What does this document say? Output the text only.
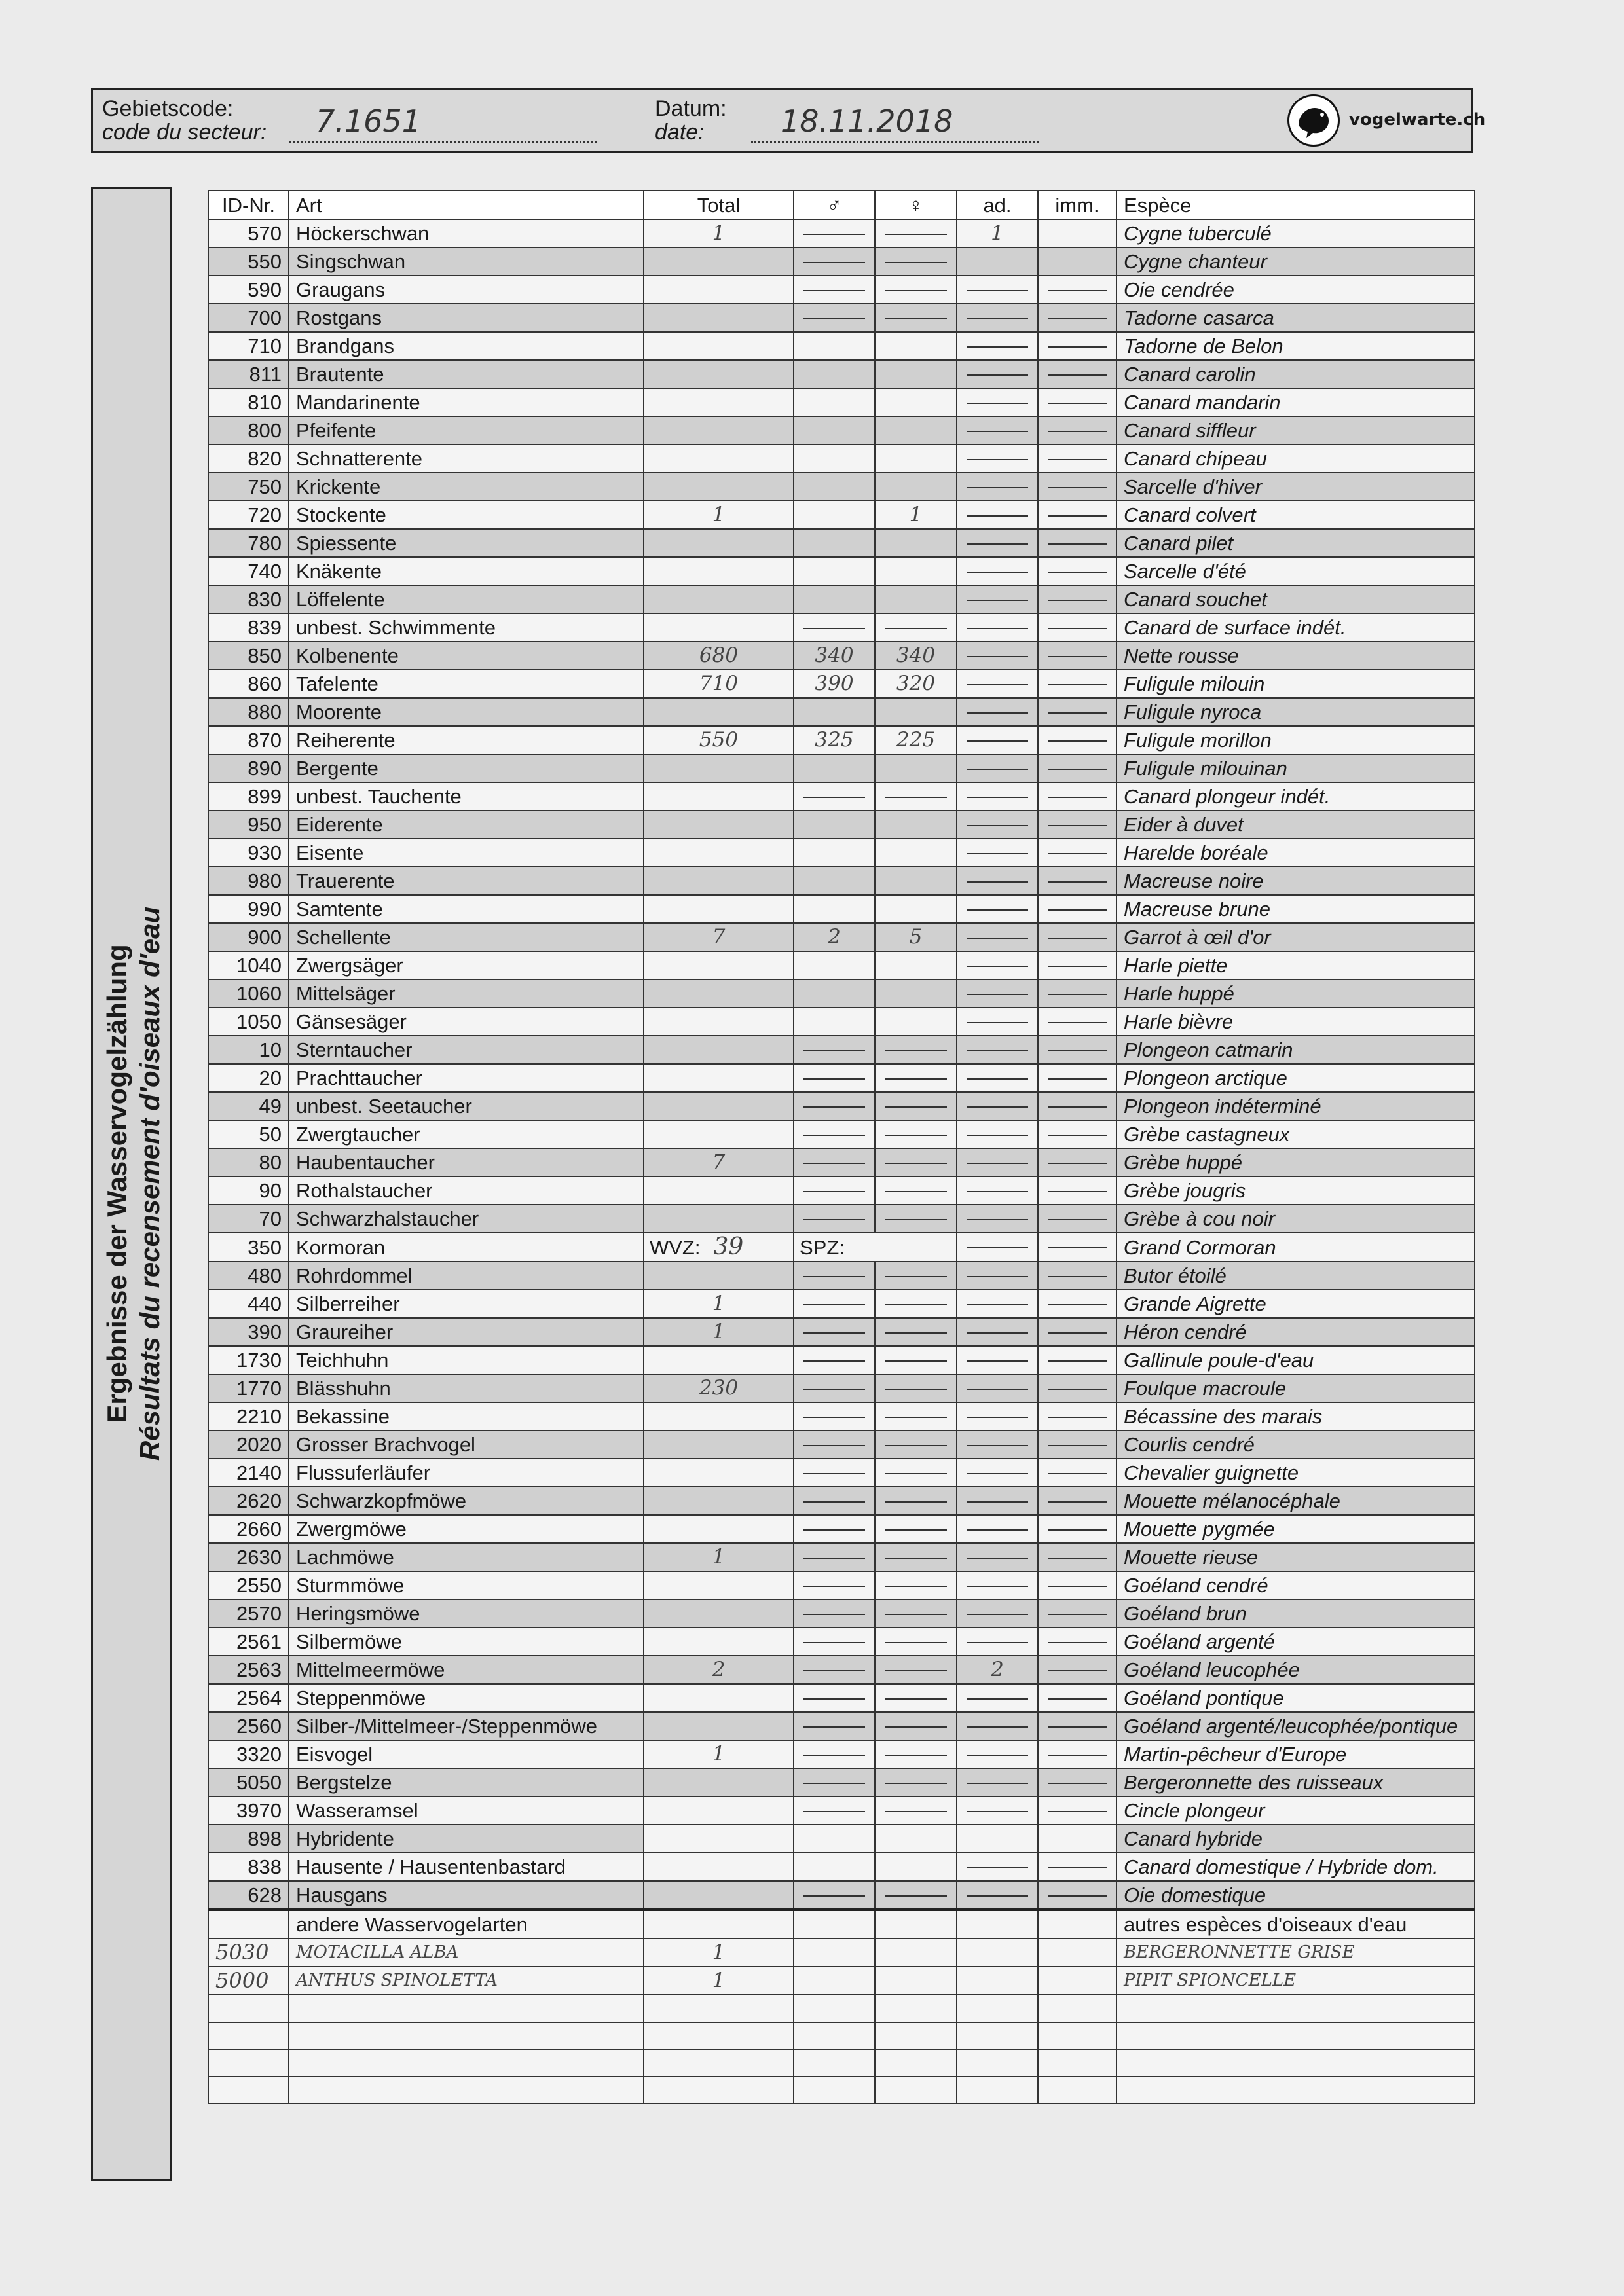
Gebietscode:
code du secteur: 7.1651	Datum:
date:	18.11.2018	vogelwarte.ch
Ergebnisse der Wasservogelzählung Résultats du recensement d'oiseaux d'eau
ID-Nr.	Art	Total	♂	♀	ad.	imm.	Espèce
570	Höckerschwan	1			1		Cygne tuberculé
550	Singschwan						Cygne chanteur
590	Graugans						Oie cendrée
700	Rostgans						Tadorne casarca
710	Brandgans						Tadorne de Belon
811	Brautente						Canard carolin
810	Mandarinente						Canard mandarin
800	Pfeifente						Canard siffleur
820	Schnatterente						Canard chipeau
750	Krickente						Sarcelle d'hiver
720	Stockente	1		1			Canard colvert
780	Spiessente						Canard pilet
740	Knäkente						Sarcelle d'été
830	Löffelente						Canard souchet
839	unbest. Schwimmente						Canard de surface indét.
850	Kolbenente	680	340	340			Nette rousse
860	Tafelente	710	390	320			Fuligule milouin
880	Moorente						Fuligule nyroca
870	Reiherente	550	325	225			Fuligule morillon
890	Bergente						Fuligule milouinan
899	unbest. Tauchente						Canard plongeur indét.
950	Eiderente						Eider à duvet
930	Eisente						Harelde boréale
980	Trauerente						Macreuse noire
990	Samtente						Macreuse brune
900	Schellente	7	2	5			Garrot à œil d'or
1040	Zwergsäger						Harle piette
1060	Mittelsäger						Harle huppé
1050	Gänsesäger						Harle bièvre
10	Sterntaucher						Plongeon catmarin
20	Prachttaucher						Plongeon arctique
49	unbest. Seetaucher						Plongeon indéterminé
50	Zwergtaucher						Grèbe castagneux
80	Haubentaucher	7					Grèbe huppé
90	Rothalstaucher						Grèbe jougris
70	Schwarzhalstaucher						Grèbe à cou noir
350	Kormoran	WVZ: 39	SPZ:				Grand Cormoran
480	Rohrdommel						Butor étoilé
440	Silberreiher	1					Grande Aigrette
390	Graureiher	1					Héron cendré
1730	Teichhuhn						Gallinule poule-d'eau
1770	Blässhuhn	230					Foulque macroule
2210	Bekassine						Bécassine des marais
2020	Grosser Brachvogel						Courlis cendré
2140	Flussuferläufer						Chevalier guignette
2620	Schwarzkopfmöwe						Mouette mélanocéphale
2660	Zwergmöwe						Mouette pygmée
2630	Lachmöwe	1					Mouette rieuse
2550	Sturmmöwe						Goéland cendré
2570	Heringsmöwe						Goéland brun
2561	Silbermöwe						Goéland argenté
2563	Mittelmeermöwe	2			2		Goéland leucophée
2564	Steppenmöwe						Goéland pontique
2560	Silber-/Mittelmeer-/Steppenmöwe						Goéland argenté/leucophée/pontique
3320	Eisvogel	1					Martin-pêcheur d'Europe
5050	Bergstelze						Bergeronnette des ruisseaux
3970	Wasseramsel						Cincle plongeur
898	Hybridente						Canard hybride
838	Hausente / Hausentenbastard						Canard domestique / Hybride dom.
628	Hausgans						Oie domestique
	andere Wasservogelarten						autres espèces d'oiseaux d'eau
5030	MOTACILLA ALBA	1					BERGERONNETTE GRISE
5000	ANTHUS SPINOLETTA	1					PIPIT SPIONCELLE
